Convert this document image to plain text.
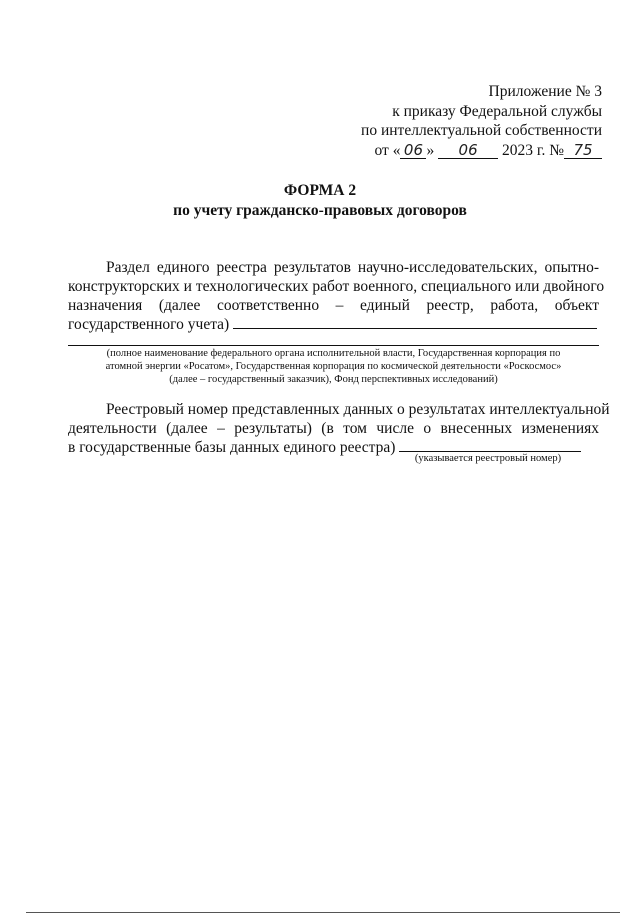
Приложение № 3
к приказу Федеральной службы
по интеллектуальной собственности
от « 06 » 06 2023 г. № 75
ФОРМА 2
по учету гражданско-правовых договоров
Раздел единого реестра результатов научно-исследовательских, опытно-
конструкторских и технологических работ военного, специального или двойного
назначения (далее соответственно – единый реестр, работа, объект
государственного учета)
(полное наименование федерального органа исполнительной власти, Государственная корпорация по
атомной энергии «Росатом», Государственная корпорация по космической деятельности «Роскосмос»
(далее – государственный заказчик), Фонд перспективных исследований)
Реестровый номер представленных данных о результатах интеллектуальной
деятельности (далее – результаты) (в том числе о внесенных изменениях
в государственные базы данных единого реестра)
(указывается реестровый номер)
